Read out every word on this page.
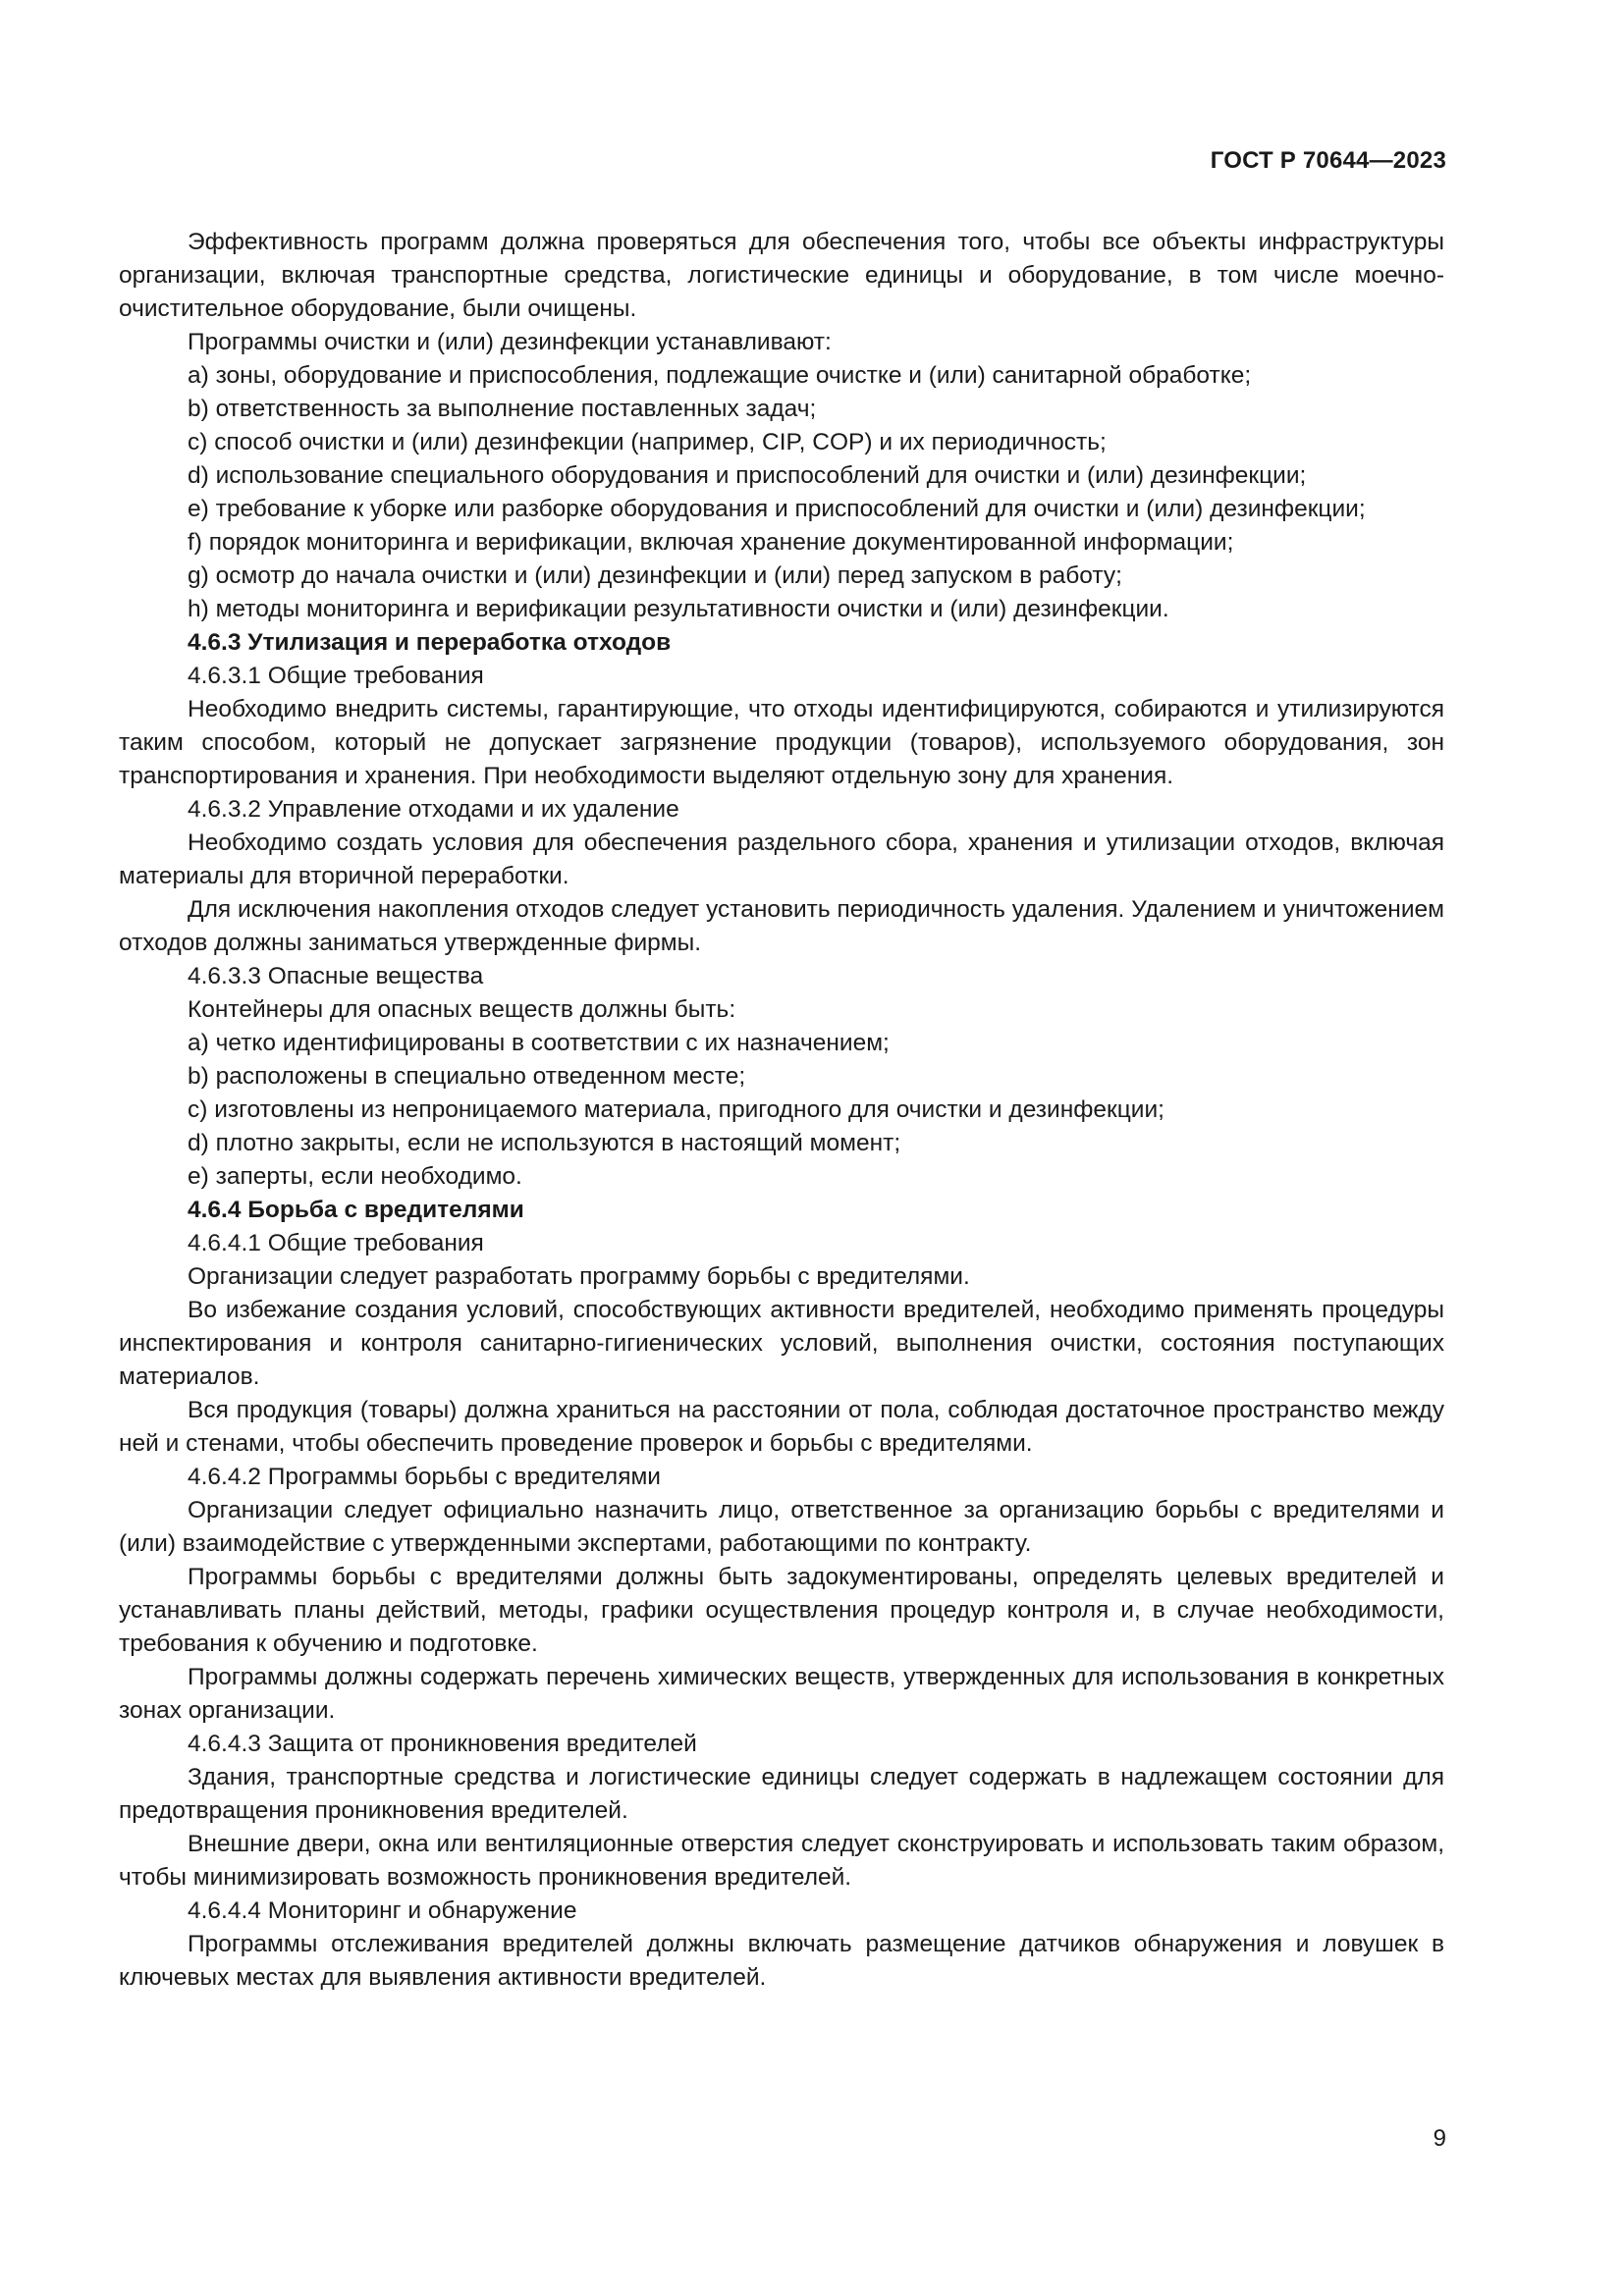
ГОСТ Р 70644—2023

Эффективность программ должна проверяться для обеспечения того, чтобы все объекты инфраструктуры организации, включая транспортные средства, логистические единицы и оборудование, в том числе моечно-очистительное оборудование, были очищены.

Программы очистки и (или) дезинфекции устанавливают:

a) зоны, оборудование и приспособления, подлежащие очистке и (или) санитарной обработке;

b) ответственность за выполнение поставленных задач;

c) способ очистки и (или) дезинфекции (например, CIP, COP) и их периодичность;

d) использование специального оборудования и приспособлений для очистки и (или) дезинфекции;

e) требование к уборке или разборке оборудования и приспособлений для очистки и (или) дезинфекции;

f) порядок мониторинга и верификации, включая хранение документированной информации;

g) осмотр до начала очистки и (или) дезинфекции и (или) перед запуском в работу;

h) методы мониторинга и верификации результативности очистки и (или) дезинфекции.

4.6.3 Утилизация и переработка отходов

4.6.3.1 Общие требования

Необходимо внедрить системы, гарантирующие, что отходы идентифицируются, собираются и утилизируются таким способом, который не допускает загрязнение продукции (товаров), используемого оборудования, зон транспортирования и хранения. При необходимости выделяют отдельную зону для хранения.

4.6.3.2 Управление отходами и их удаление

Необходимо создать условия для обеспечения раздельного сбора, хранения и утилизации отходов, включая материалы для вторичной переработки.

Для исключения накопления отходов следует установить периодичность удаления. Удалением и уничтожением отходов должны заниматься утвержденные фирмы.

4.6.3.3 Опасные вещества

Контейнеры для опасных веществ должны быть:

a) четко идентифицированы в соответствии с их назначением;

b) расположены в специально отведенном месте;

c) изготовлены из непроницаемого материала, пригодного для очистки и дезинфекции;

d) плотно закрыты, если не используются в настоящий момент;

e) заперты, если необходимо.

4.6.4 Борьба с вредителями

4.6.4.1 Общие требования

Организации следует разработать программу борьбы с вредителями.

Во избежание создания условий, способствующих активности вредителей, необходимо применять процедуры инспектирования и контроля санитарно-гигиенических условий, выполнения очистки, состояния поступающих материалов.

Вся продукция (товары) должна храниться на расстоянии от пола, соблюдая достаточное пространство между ней и стенами, чтобы обеспечить проведение проверок и борьбы с вредителями.

4.6.4.2 Программы борьбы с вредителями

Организации следует официально назначить лицо, ответственное за организацию борьбы с вредителями и (или) взаимодействие с утвержденными экспертами, работающими по контракту.

Программы борьбы с вредителями должны быть задокументированы, определять целевых вредителей и устанавливать планы действий, методы, графики осуществления процедур контроля и, в случае необходимости, требования к обучению и подготовке.

Программы должны содержать перечень химических веществ, утвержденных для использования в конкретных зонах организации.

4.6.4.3 Защита от проникновения вредителей

Здания, транспортные средства и логистические единицы следует содержать в надлежащем состоянии для предотвращения проникновения вредителей.

Внешние двери, окна или вентиляционные отверстия следует сконструировать и использовать таким образом, чтобы минимизировать возможность проникновения вредителей.

4.6.4.4 Мониторинг и обнаружение

Программы отслеживания вредителей должны включать размещение датчиков обнаружения и ловушек в ключевых местах для выявления активности вредителей.

9
